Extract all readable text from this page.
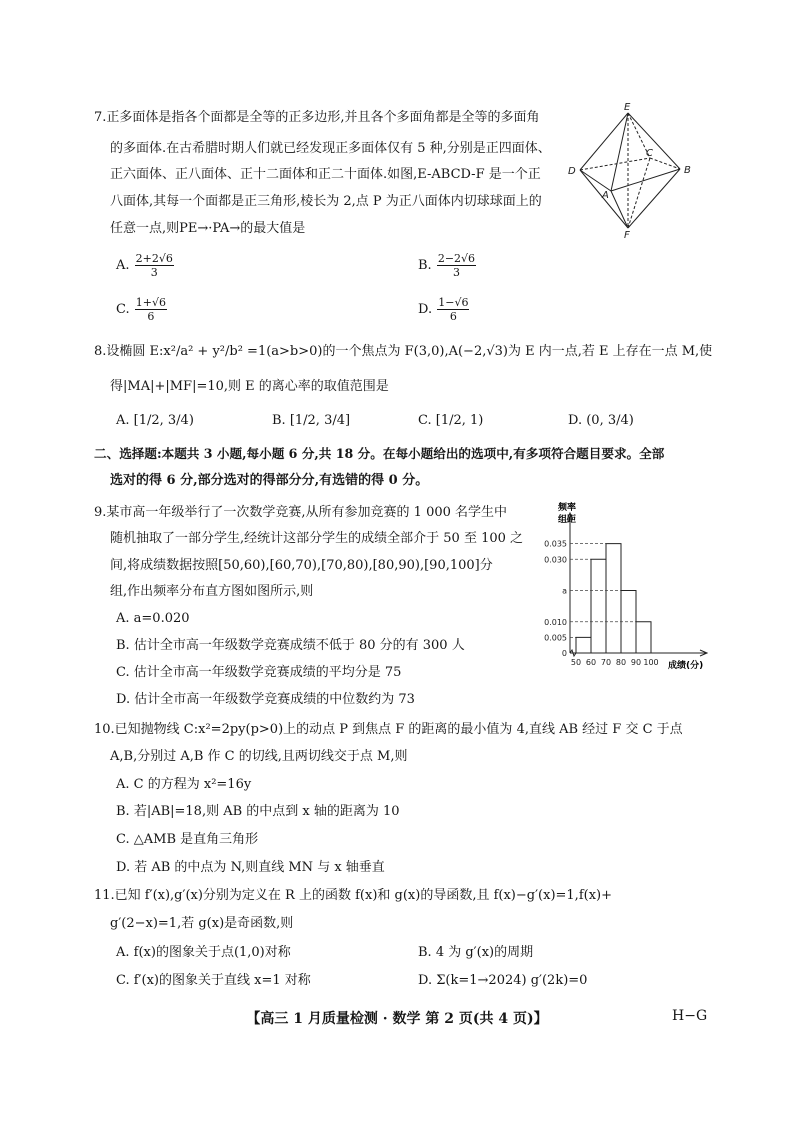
7.正多面体是指各个面都是全等的正多边形,并且各个多面角都是全等的多面角
的多面体.在古希腊时期人们就已经发现正多面体仅有 5 种,分别是正四面体、
正六面体、正八面体、正十二面体和正二十面体.如图,E-ABCD-F 是一个正
八面体,其每一个面都是正三角形,棱长为 2,点 P 为正八面体内切球球面上的
任意一点,则PE→·PA→的最大值是
A. $\frac{2+2√6}{3}$	B. $\frac{2-2√6}{3}$
C. $\frac{1+√6}{6}$	D. $\frac{1-√6}{6}$
E
D
C
B
A
F
8.设椭圆 E:x²/a² + y²/b² =1(a>b>0)的一个焦点为 F(3,0),A(−2,√3)为 E 内一点,若 E 上存在一点 M,使
得|MA|+|MF|=10,则 E 的离心率的取值范围是
A. [1/2, 3/4)	B. [1/2, 3/4]	C. [1/2, 1)	D. (0, 3/4)
二、选择题:本题共 3 小题,每小题 6 分,共 18 分。在每小题给出的选项中,有多项符合题目要求。全部
选对的得 6 分,部分选对的得部分分,有选错的得 0 分。
9.某市高一年级举行了一次数学竞赛,从所有参加竞赛的 1 000 名学生中
随机抽取了一部分学生,经统计这部分学生的成绩全部介于 50 至 100 之
间,将成绩数据按照[50,60),[60,70),[70,80),[80,90),[90,100]分
组,作出频率分布直方图如图所示,则
A. a=0.020
B. 估计全市高一年级数学竞赛成绩不低于 80 分的有 300 人
C. 估计全市高一年级数学竞赛成绩的平均分是 75
D. 估计全市高一年级数学竞赛成绩的中位数约为 73
频率
组距
成绩(分)
0
0.005
0.010
a
0.030
0.035
50 60 70 80 90 100
10.已知抛物线 C:x²=2py(p>0)上的动点 P 到焦点 F 的距离的最小值为 4,直线 AB 经过 F 交 C 于点
A,B,分别过 A,B 作 C 的切线,且两切线交于点 M,则
A. C 的方程为 x²=16y
B. 若|AB|=18,则 AB 的中点到 x 轴的距离为 10
C. △AMB 是直角三角形
D. 若 AB 的中点为 N,则直线 MN 与 x 轴垂直
11.已知 f′(x),g′(x)分别为定义在 R 上的函数 f(x)和 g(x)的导函数,且 f(x)−g′(x)=1,f(x)+
g′(2−x)=1,若 g(x)是奇函数,则
A. f(x)的图象关于点(1,0)对称	B. 4 为 g′(x)的周期
C. f′(x)的图象关于直线 x=1 对称	D. Σ(k=1→2024) g′(2k)=0
【高三 1 月质量检测 · 数学 第 2 页(共 4 页)】	H−G
